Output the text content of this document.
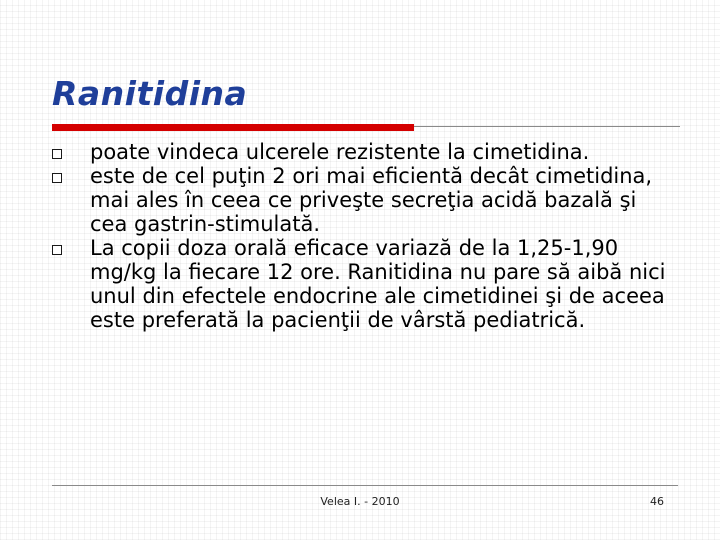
Ranitidina
poate vindeca ulcerele rezistente la cimetidina.
este de cel puţin 2 ori mai eficientă decât cimetidina, mai ales în ceea ce priveşte secreţia acidă bazală şi cea gastrin-stimulată.
La copii doza orală eficace variază de la 1,25-1,90 mg/kg la fiecare 12 ore. Ranitidina nu pare să aibă nici unul din efectele endocrine ale cimetidinei şi de aceea este preferată la pacienţii de vârstă pediatrică.
Velea I. - 2010	46
